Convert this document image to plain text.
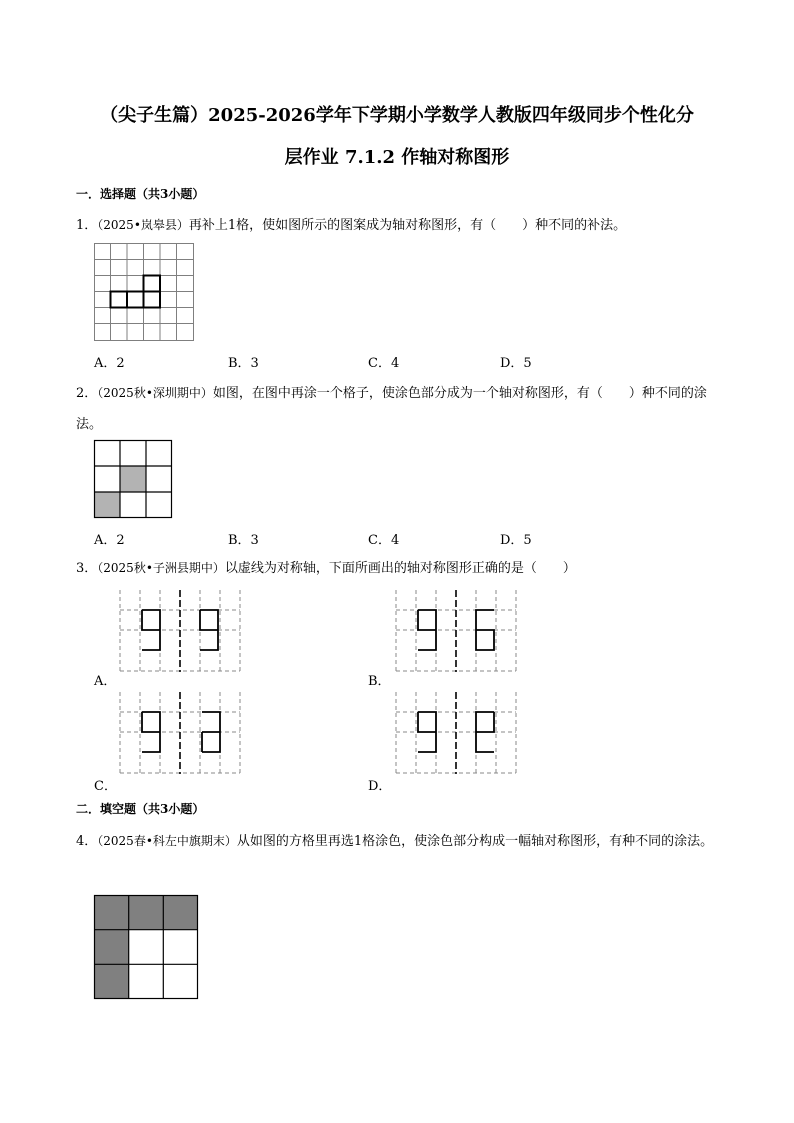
（尖子生篇）2025-2026学年下学期小学数学人教版四年级同步个性化分
层作业 7.1.2 作轴对称图形
一．选择题（共3小题）
1．（2025•岚皋县）再补上1格，使如图所示的图案成为轴对称图形，有（　　）种不同的补法。
A．2	B．3	C．4	D．5
2．（2025秋•深圳期中）如图，在图中再涂一个格子，使涂色部分成为一个轴对称图形，有（　　）种不同的涂法。
A．2	B．3	C．4	D．5
3．（2025秋•子洲县期中）以虚线为对称轴，下面所画出的轴对称图形正确的是（　　）
A．	B．
C．	D．
二．填空题（共3小题）
4．（2025春•科左中旗期末）从如图的方格里再选1格涂色，使涂色部分构成一幅轴对称图形，有种不同的涂法。
